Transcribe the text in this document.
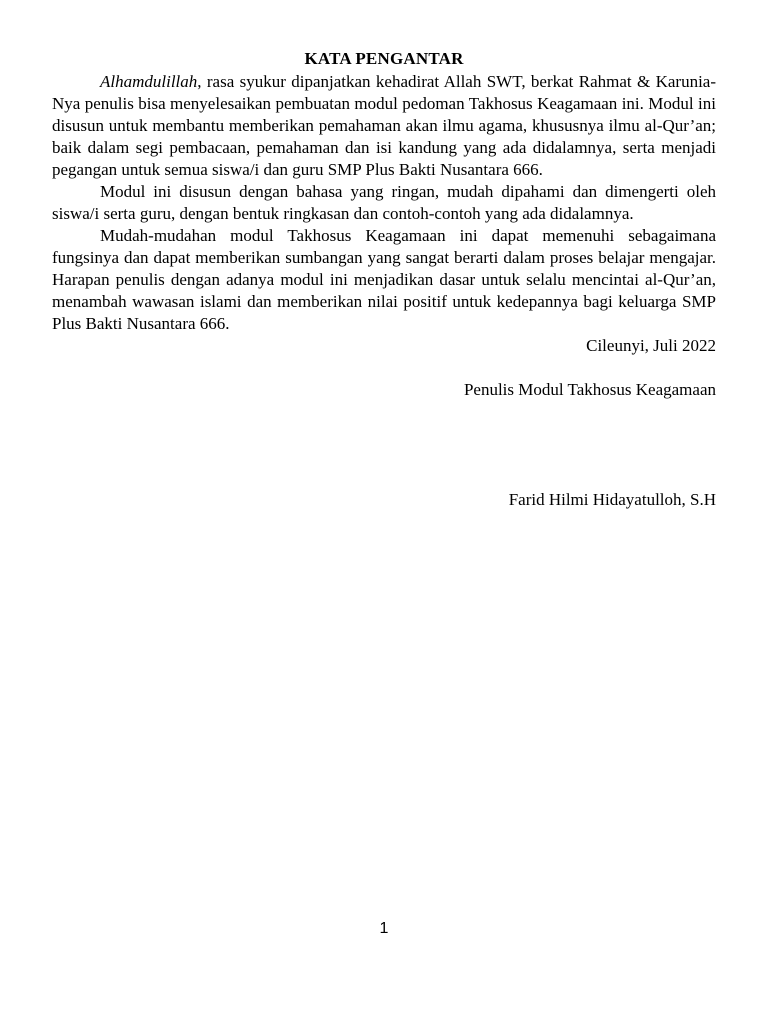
KATA PENGANTAR

Alhamdulillah, rasa syukur dipanjatkan kehadirat Allah SWT, berkat Rahmat & Karunia-Nya penulis bisa menyelesaikan pembuatan modul pedoman Takhosus Keagamaan ini. Modul ini disusun untuk membantu memberikan pemahaman akan ilmu agama, khususnya ilmu al-Qur’an; baik dalam segi pembacaan, pemahaman dan isi kandung yang ada didalamnya, serta menjadi pegangan untuk semua siswa/i dan guru SMP Plus Bakti Nusantara 666.

Modul ini disusun dengan bahasa yang ringan, mudah dipahami dan dimengerti oleh siswa/i serta guru, dengan bentuk ringkasan dan contoh-contoh yang ada didalamnya.

Mudah-mudahan modul Takhosus Keagamaan ini dapat memenuhi sebagaimana fungsinya dan dapat memberikan sumbangan yang sangat berarti dalam proses belajar mengajar. Harapan penulis dengan adanya modul ini menjadikan dasar untuk selalu mencintai al-Qur’an, menambah wawasan islami dan memberikan nilai positif untuk kedepannya bagi keluarga SMP Plus Bakti Nusantara 666.

Cileunyi, Juli 2022

Penulis Modul Takhosus Keagamaan

Farid Hilmi Hidayatulloh, S.H

1
